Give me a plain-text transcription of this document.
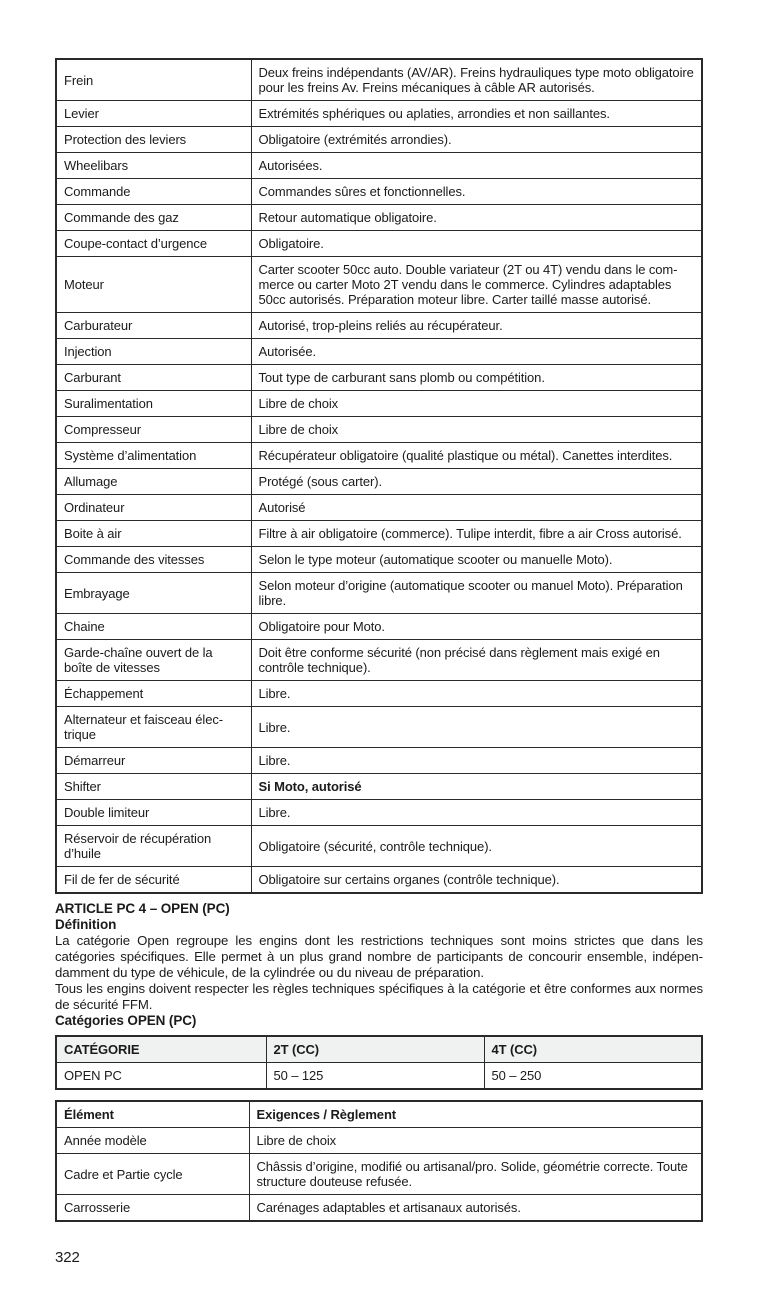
Frein	Deux freins indépendants (AV/AR). Freins hydrauliques type moto obligatoire pour les freins Av. Freins mécaniques à câble AR autorisés.
Levier	Extrémités sphériques ou aplaties, arrondies et non saillantes.
Protection des leviers	Obligatoire (extrémités arrondies).
Wheelibars	Autorisées.
Commande	Commandes sûres et fonctionnelles.
Commande des gaz	Retour automatique obligatoire.
Coupe-contact d’urgence	Obligatoire.
Moteur	Carter scooter 50cc auto. Double variateur (2T ou 4T) vendu dans le commerce ou carter Moto 2T vendu dans le commerce. Cylindres adaptables 50cc autorisés. Préparation moteur libre. Carter taillé masse autorisé.
Carburateur	Autorisé, trop-pleins reliés au récupérateur.
Injection	Autorisée.
Carburant	Tout type de carburant sans plomb ou compétition.
Suralimentation	Libre de choix
Compresseur	Libre de choix
Système d’alimentation	Récupérateur obligatoire (qualité plastique ou métal). Canettes interdites.
Allumage	Protégé (sous carter).
Ordinateur	Autorisé
Boite à air	Filtre à air obligatoire (commerce). Tulipe interdit, fibre a air Cross autorisé.
Commande des vitesses	Selon le type moteur (automatique scooter ou manuelle Moto).
Embrayage	Selon moteur d’origine (automatique scooter ou manuel Moto). Préparation libre.
Chaine	Obligatoire pour Moto.
Garde-chaîne ouvert de la boîte de vitesses	Doit être conforme sécurité (non précisé dans règlement mais exigé en contrôle technique).
Échappement	Libre.
Alternateur et faisceau électrique	Libre.
Démarreur	Libre.
Shifter	Si Moto, autorisé
Double limiteur	Libre.
Réservoir de récupération d’huile	Obligatoire (sécurité, contrôle technique).
Fil de fer de sécurité	Obligatoire sur certains organes (contrôle technique).
ARTICLE PC 4 – OPEN (PC)
Définition

La catégorie Open regroupe les engins dont les restrictions techniques sont moins strictes que dans les catégories spécifiques. Elle permet à un plus grand nombre de participants de concourir ensemble, indépendamment du type de véhicule, de la cylindrée ou du niveau de préparation.

Tous les engins doivent respecter les règles techniques spécifiques à la catégorie et être conformes aux normes de sécurité FFM.

Catégories OPEN (PC)
CATÉGORIE	2T (CC)	4T (CC)
OPEN PC	50 – 125	50 – 250
Élément	Exigences / Règlement
Année modèle	Libre de choix
Cadre et Partie cycle	Châssis d’origine, modifié ou artisanal/pro. Solide, géométrie correcte. Toute structure douteuse refusée.
Carrosserie	Carénages adaptables et artisanaux autorisés.
322
